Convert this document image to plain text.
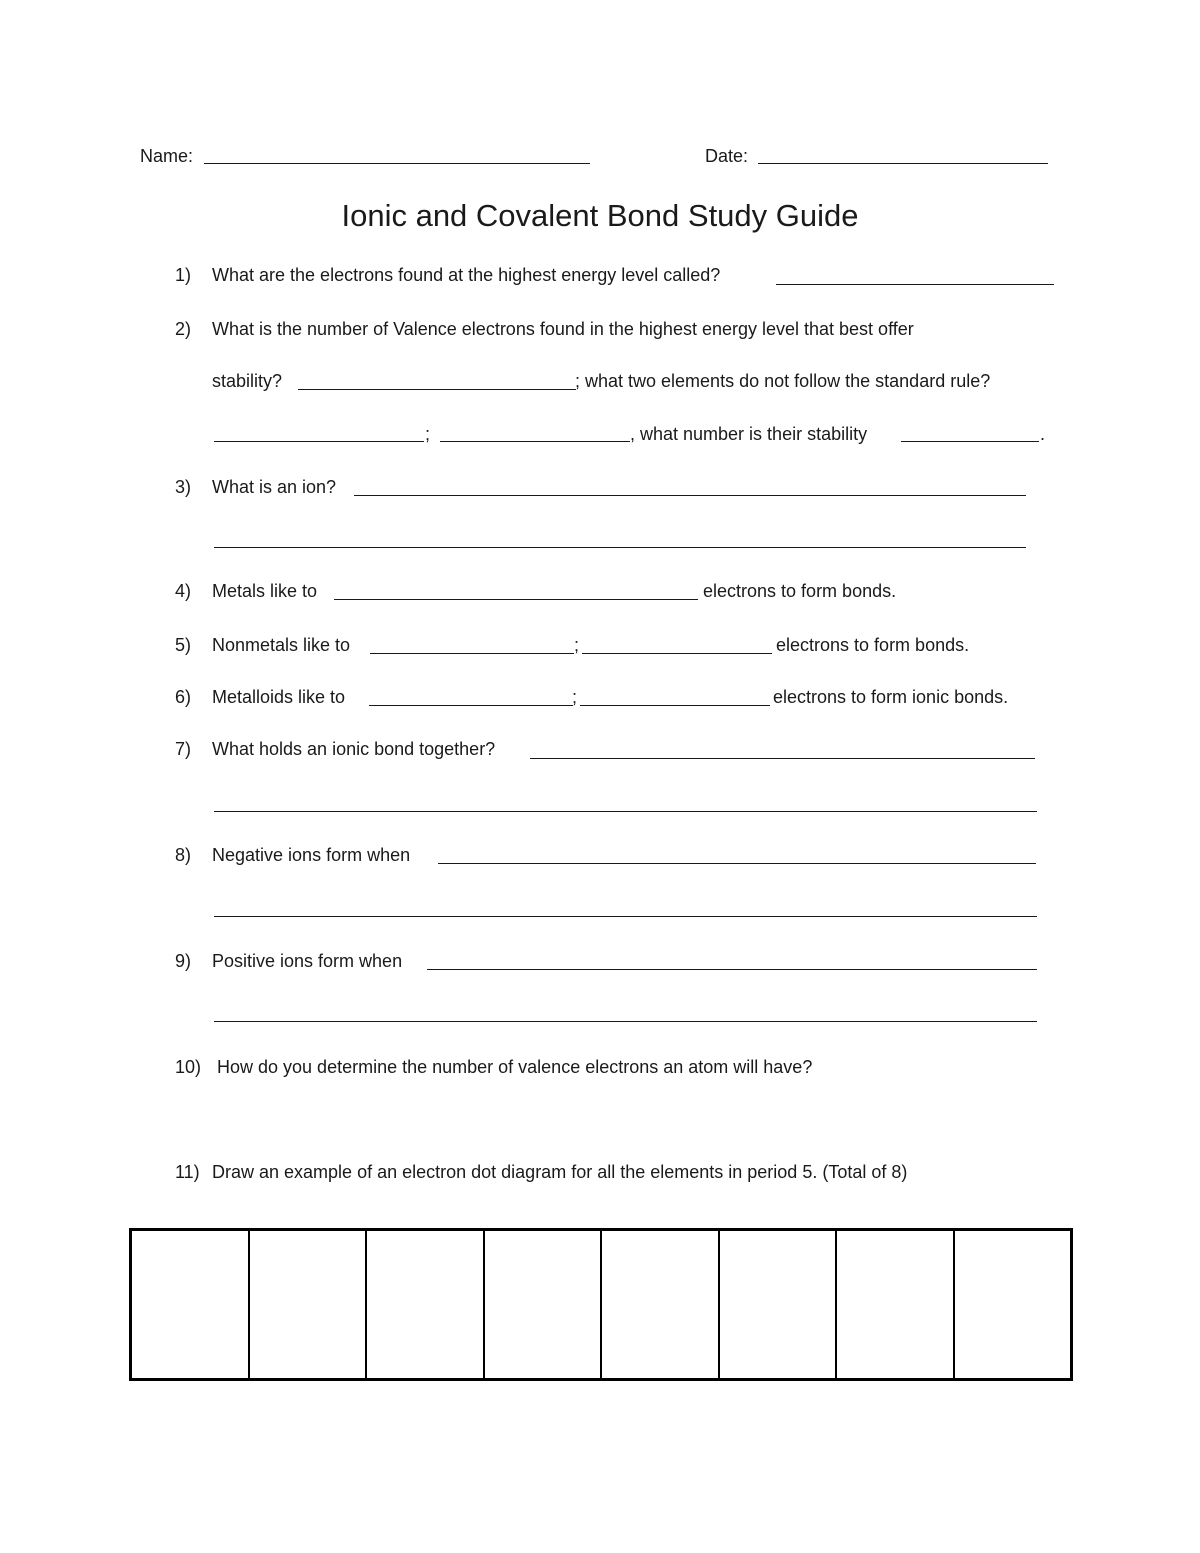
Name:	Date:
Ionic and Covalent Bond Study Guide
1) What are the electrons found at the highest energy level called?
2) What is the number of Valence electrons found in the highest energy level that best offer
stability?	; what two elements do not follow the standard rule?
;	, what number is their stability	.
3) What is an ion?
4) Metals like to	electrons to form bonds.
5) Nonmetals like to	;	electrons to form bonds.
6) Metalloids like to	;	electrons to form ionic bonds.
7) What holds an ionic bond together?
8) Negative ions form when
9) Positive ions form when
10) How do you determine the number of valence electrons an atom will have?
11) Draw an example of an electron dot diagram for all the elements in period 5. (Total of 8)
